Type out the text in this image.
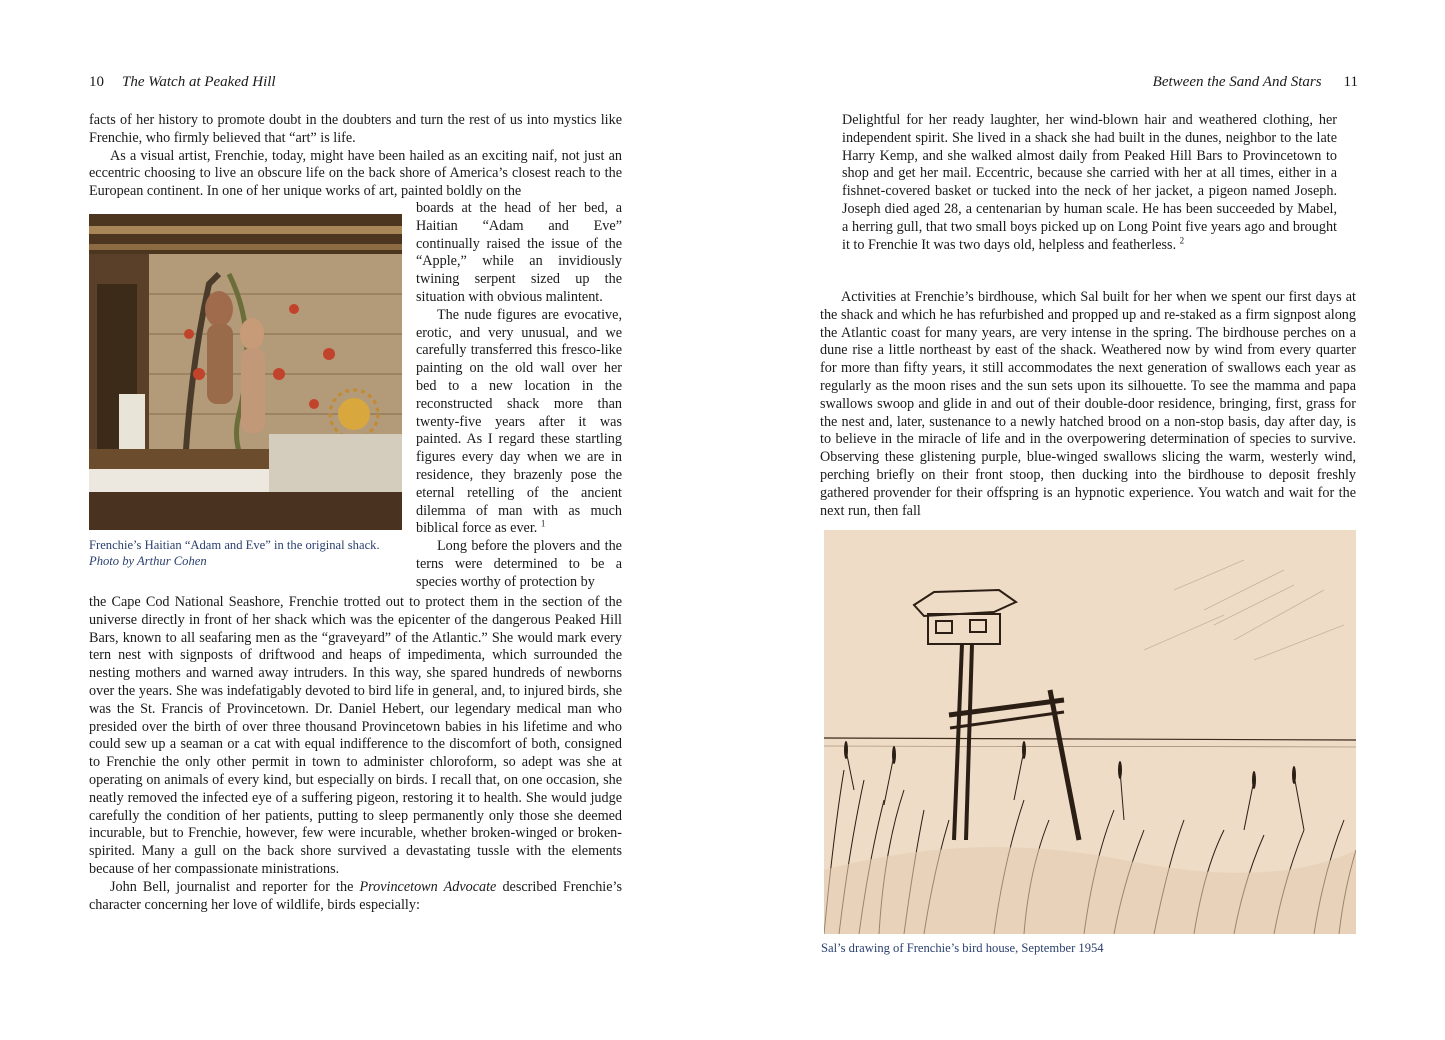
10 The Watch at Peaked Hill

facts of her history to promote doubt in the doubters and turn the rest of us into mystics like Frenchie, who firmly believed that “art” is life.

As a visual artist, Frenchie, today, might have been hailed as an exciting naif, not just an eccentric choosing to live an obscure life on the back shore of America’s closest reach to the European continent. In one of her unique works of art, painted boldly on the

boards at the head of her bed, a Haitian “Adam and Eve” continually raised the issue of the “Apple,” while an invidiously twining serpent sized up the situation with obvious malintent.

The nude figures are evocative, erotic, and very unusual, and we carefully transferred this fresco-like painting on the old wall over her bed to a new location in the reconstructed shack more than twenty-five years after it was painted. As I regard these startling figures every day when we are in residence, they brazenly pose the eternal retelling of the ancient dilemma of man with as much biblical force as ever. $^1$

Long before the plovers and the terns were determined to be a species worthy of protection by

Frenchie’s Haitian “Adam and Eve” in the original shack.
Photo by Arthur Cohen

the Cape Cod National Seashore, Frenchie trotted out to protect them in the section of the universe directly in front of her shack which was the epicenter of the dangerous Peaked Hill Bars, known to all seafaring men as the “graveyard” of the Atlantic.” She would mark every tern nest with signposts of driftwood and heaps of impedimenta, which surrounded the nesting mothers and warned away intruders. In this way, she spared hundreds of newborns over the years. She was indefatigably devoted to bird life in general, and, to injured birds, she was the St. Francis of Provincetown. Dr. Daniel Hebert, our legendary medical man who presided over the birth of over three thousand Provincetown babies in his lifetime and who could sew up a seaman or a cat with equal indifference to the discomfort of both, consigned to Frenchie the only other permit in town to administer chloroform, so adept was she at operating on animals of every kind, but especially on birds. I recall that, on one occasion, she neatly removed the infected eye of a suffering pigeon, restoring it to health. She would judge carefully the condition of her patients, putting to sleep permanently only those she deemed incurable, but to Frenchie, however, few were incurable, whether broken-winged or broken-spirited. Many a gull on the back shore survived a devastating tussle with the elements because of her compassionate ministrations.

John Bell, journalist and reporter for the Provincetown Advocate described Frenchie’s character concerning her love of wildlife, birds especially:

Between the Sand And Stars 11

Delightful for her ready laughter, her wind-blown hair and weathered clothing, her independent spirit. She lived in a shack she had built in the dunes, neighbor to the late Harry Kemp, and she walked almost daily from Peaked Hill Bars to Provincetown to shop and get her mail. Eccentric, because she carried with her at all times, either in a fishnet-covered basket or tucked into the neck of her jacket, a pigeon named Joseph. Joseph died aged 28, a centenarian by human scale. He has been succeeded by Mabel, a herring gull, that two small boys picked up on Long Point five years ago and brought it to Frenchie It was two days old, helpless and featherless. $^2$

Activities at Frenchie’s birdhouse, which Sal built for her when we spent our first days at the shack and which he has refurbished and propped up and re-staked as a firm signpost along the Atlantic coast for many years, are very intense in the spring. The birdhouse perches on a dune rise a little northeast by east of the shack. Weathered now by wind from every quarter for more than fifty years, it still accommodates the next generation of swallows each year as regularly as the moon rises and the sun sets upon its silhouette. To see the mamma and papa swallows swoop and glide in and out of their double-door residence, bringing, first, grass for the nest and, later, sustenance to a newly hatched brood on a non-stop basis, day after day, is to believe in the miracle of life and in the overpowering determination of species to survive. Observing these glistening purple, blue-winged swallows slicing the warm, westerly wind, perching briefly on their front stoop, then ducking into the birdhouse to deposit freshly gathered provender for their offspring is an hypnotic experience. You watch and wait for the next run, then fall

Sal’s drawing of Frenchie’s bird house, September 1954
